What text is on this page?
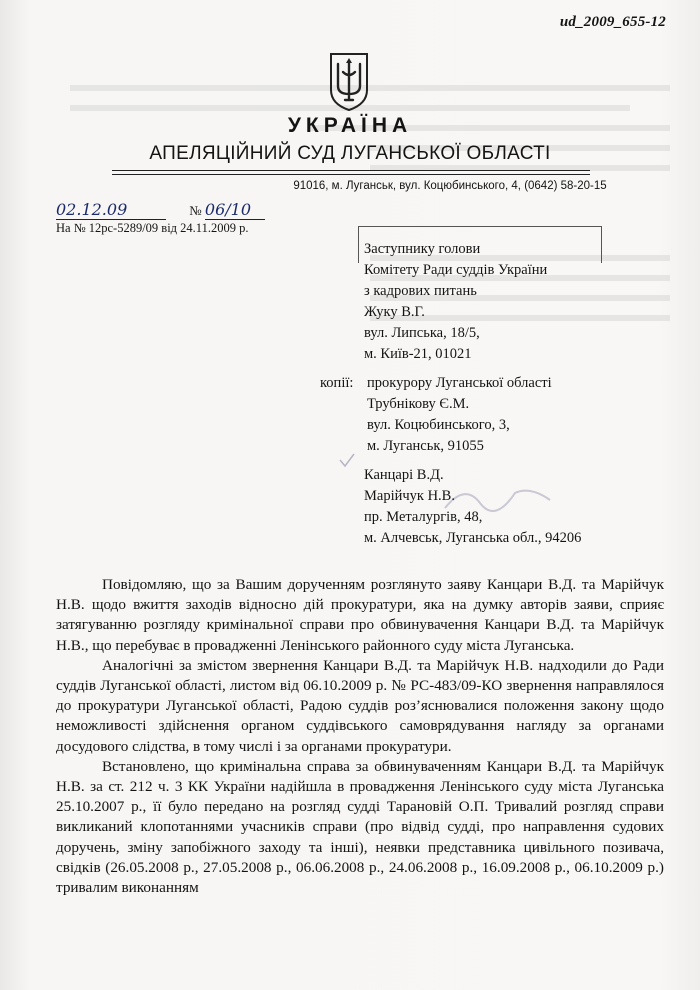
ud_2009_655-12
УКРАЇНА
АПЕЛЯЦІЙНИЙ СУД ЛУГАНСЬКОЇ ОБЛАСТІ
91016, м. Луганськ, вул. Коцюбинського, 4, (0642) 58-20-15
02.12.09	№ 06/10
На № 12рс-5289/09 від 24.11.2009 р.
Заступнику голови
Комітету Ради суддів України
з кадрових питань
Жуку В.Г.
вул. Липська, 18/5,
м. Київ-21, 01021
копії: прокурору Луганської області
Трубнікову Є.М.
вул. Коцюбинського, 3,
м. Луганськ, 91055
Канцарі В.Д.
Марійчук Н.В.
пр. Металургів, 48,
м. Алчевськ, Луганська обл., 94206

Повідомляю, що за Вашим дорученням розглянуто заяву Канцари В.Д. та Марійчук Н.В. щодо вжиття заходів відносно дій прокуратури, яка на думку авторів заяви, сприяє затягуванню розгляду кримінальної справи про обвинувачення Канцари В.Д. та Марійчук Н.В., що перебуває в провадженні Ленінського районного суду міста Луганська.

Аналогічні за змістом звернення Канцари В.Д. та Марійчук Н.В. надходили до Ради суддів Луганської області, листом від 06.10.2009 р. № РС-483/09-КО звернення направлялося до прокуратури Луганської області, Радою суддів роз’яснювалися положення закону щодо неможливості здійснення органом суддівського самоврядування нагляду за органами досудового слідства, в тому числі і за органами прокуратури.

Встановлено, що кримінальна справа за обвинуваченням Канцари В.Д. та Марійчук Н.В. за ст. 212 ч. 3 КК України надійшла в провадження Ленінського суду міста Луганська 25.10.2007 р., її було передано на розгляд судді Тарановій О.П. Тривалий розгляд справи викликаний клопотаннями учасників справи (про відвід судді, про направлення судових доручень, зміну запобіжного заходу та інші), неявки представника цивільного позивача, свідків (26.05.2008 р., 27.05.2008 р., 06.06.2008 р., 24.06.2008 р., 16.09.2008 р., 06.10.2009 р.) тривалим виконанням
